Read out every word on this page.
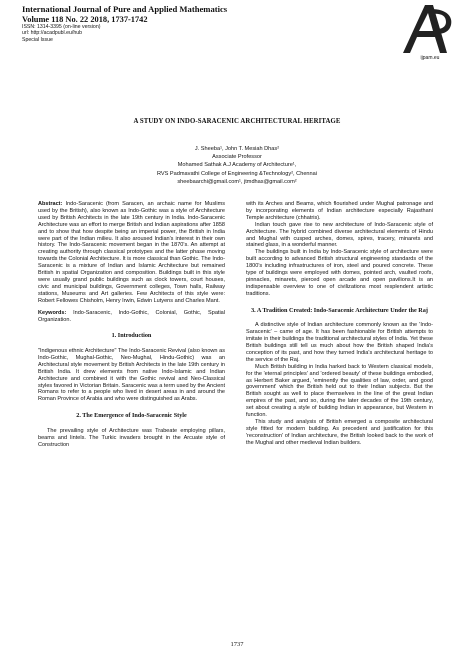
International Journal of Pure and Applied Mathematics
Volume 118 No. 22 2018, 1737-1742
ISSN: 1314-3395 (on-line version)
url: http://acadpubl.eu/hub
Special Issue
ijpam.eu
A STUDY ON INDO-SARACENIC ARCHITECTURAL HERITAGE
J. Sheeba¹, John T. Mesiah Dhas²
Associate Professor
Mohamed Sathak A.J Academy of Architecture¹,
RVS Padmavathi College of Engineering &Technology², Chennai
sheebaarchi@gmail.com¹, jtmdhas@gmail.com²

Abstract: Indo-Saracenic (from Saracen, an archaic name for Muslims used by the British), also known as Indo-Gothic was a style of Architecture used by British Architects in the late 19th century in India. Indo-Saracenic Architecture was an effort to merge British and Indian aspirations after 1858 and to show that how despite being an imperial power, the British in India were part of the Indian milieu. It also aroused Indian's interest in their own history. The Indo-Saracenic movement began in the 1870's. An attempt at creating authority through classical prototypes and the latter phase moving towards the Colonial Architecture. It is more classical than Gothic. The Indo-Saracenic is a mixture of Indian and Islamic Architecture but remained British in spatial Organization and composition. Buildings built in this style were usually grand public buildings such as clock towers, court houses, civic and municipal buildings, Government colleges, Town halls, Railway stations, Museums and Art galleries. Few Architects of this style were: Robert Fellowes Chisholm, Henry Irwin, Edwin Lutyens and Charles Mant.

Keywords: Indo-Saracenic, Indo-Gothic, Colonial, Gothic, Spatial Organization.

1. Introduction

"Indigenous ethnic Architecture" The Indo-Saracenic Revival (also known as Indo-Gothic, Mughal-Gothic, Neo-Mughal, Hindu-Gothic) was an Architectural style movement by British Architects in the late 19th century in British India. It drew elements from native Indo-Islamic and Indian Architecture and combined it with the Gothic revival and Neo-Classical styles favored in Victorian Britain. Saracenic was a term used by the Ancient Romans to refer to a people who lived in desert areas in and around the Roman Province of Arabia and who were distinguished as Arabs.

2. The Emergence of Indo-Saracenic Style

The prevailing style of Architecture was Trabeate employing pillars, beams and lintels. The Turkic invaders brought in the Arcuate style of Construction

with its Arches and Beams, which flourished under Mughal patronage and by incorporating elements of Indian architecture especially Rajasthani Temple architecture (chhatris).

Indian touch gave rise to new architecture of Indo-Saracenic style of Architecture. The hybrid combined diverse architectural elements of Hindu and Mughal with cusped arches, domes, spires, tracery, minarets and stained glass, in a wonderful manner.

The buildings built in India by Indo-Saracenic style of architecture were built according to advanced British structural engineering standards of the 1800's including infrastructures of iron, steel and poured concrete. These type of buildings were employed with domes, pointed arch, vaulted roofs, pinnacles, minarets, pierced open arcade and open pavilions.It is an indispensable overview to one of civilizations most resplendent artistic traditions.

3. A Tradition Created: Indo-Saracenic Architecture Under the Raj

A distinctive style of Indian architecture commonly known as the 'Indo-Saracenic' – came of age. It has been fashionable for British attempts to imitate in their buildings the traditional architectural styles of India. Yet these British buildings still tell us much about how the British shaped India's conception of its past, and how they turned India's architectural heritage to the service of the Raj.

Much British building in India harked back to Western classical models, for the 'eternal principles' and 'ordered beauty' of these buildings embodied, as Herbert Baker argued, 'eminently the qualities of law, order, and good government' which the British held out to their Indian subjects. But the British sought as well to place themselves in the line of the great Indian empires of the past, and so, during the later decades of the 19th century, set about creating a style of building Indian in appearance, but Western in function.

This study and analysis of British emerged a composite architectural style fitted for modern building. As precedent and justification for this 'reconstruction' of Indian architecture, the British looked back to the work of the Mughal and other medieval Indian builders.

1737
